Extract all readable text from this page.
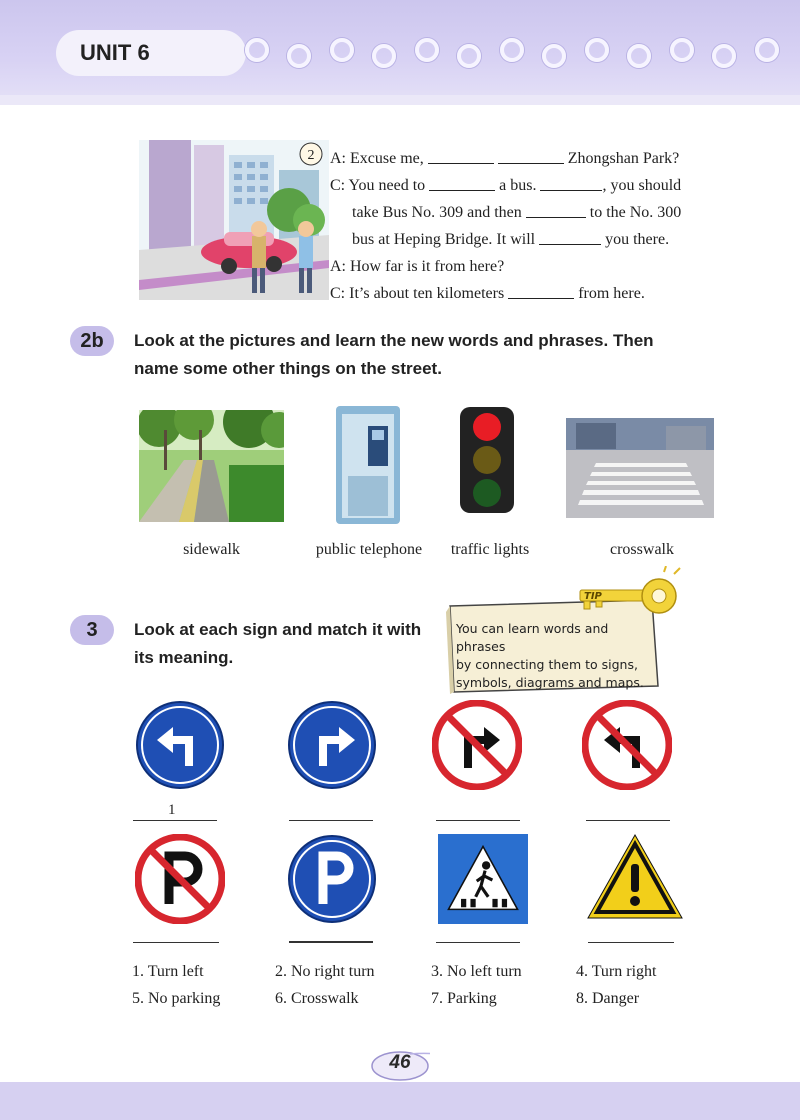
UNIT 6
2 A: Excuse me,	Zhongshan Park?
C: You need to	a bus.	, you should
take Bus No. 309 and then	to the No. 300
bus at Heping Bridge. It will	you there.
A: How far is it from here?
C: It’s about ten kilometers	from here.
2b	Look at the pictures and learn the new words and phrases. Then
name some other things on the street.
sidewalk	public telephone	traffic lights	crosswalk
3	Look at each sign and match it with
its meaning.
TIP
You can learn words and phrases
by connecting them to signs,
symbols, diagrams and maps.
1
1. Turn left	2. No right turn	3. No left turn	4. Turn right
5. No parking	6. Crosswalk	7. Parking	8. Danger
46
